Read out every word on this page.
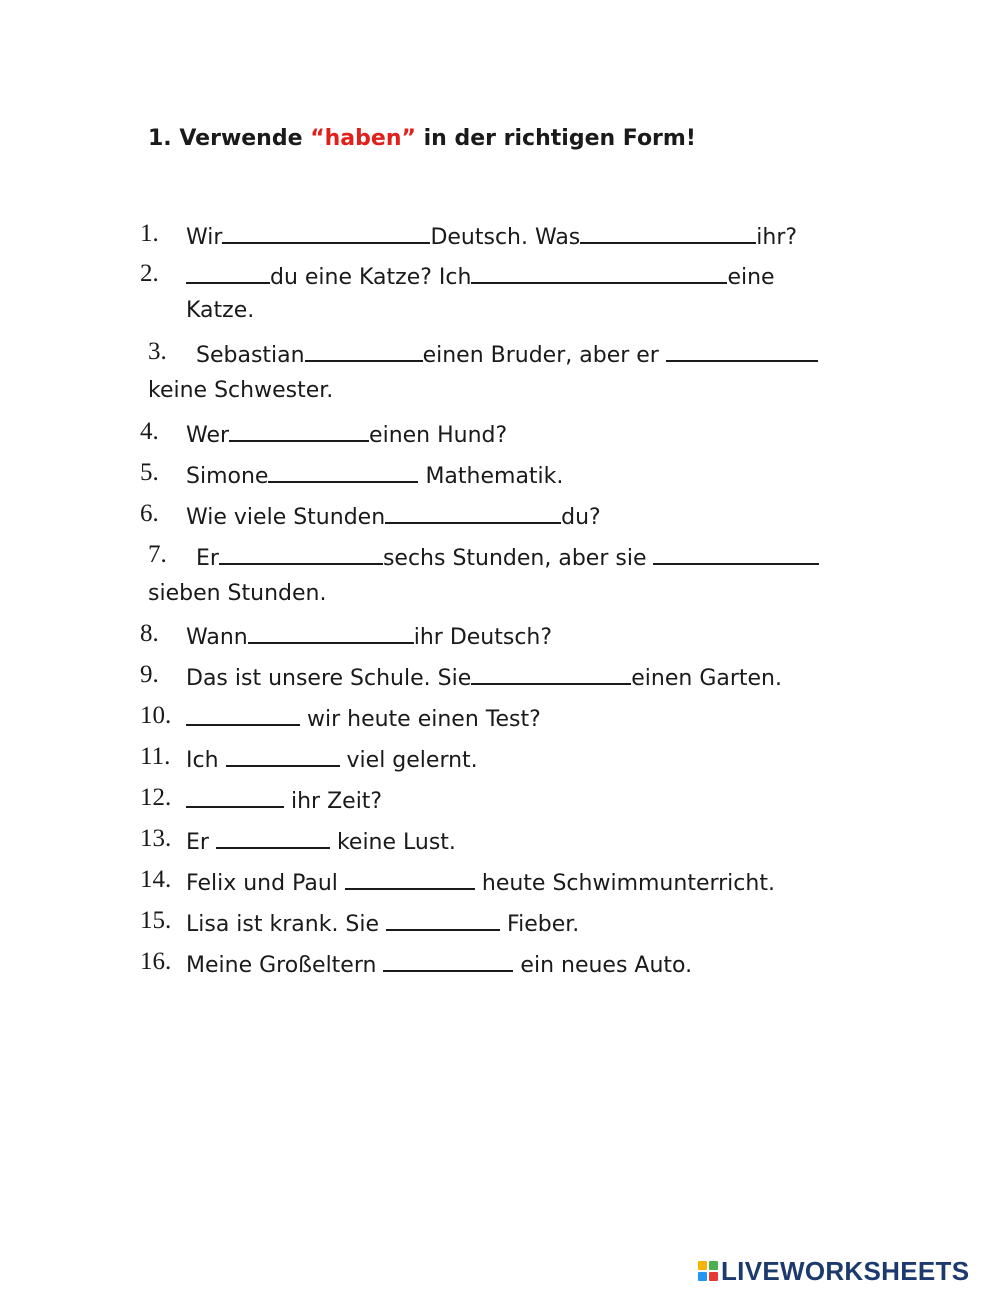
1. Verwende “haben” in der richtigen Form!
1. Wir	Deutsch. Was	ihr?
2.	du eine Katze? Ich	eine
Katze.
3. Sebastian	einen Bruder, aber er
keine Schwester.
4. Wer	einen Hund?
5. Simone	Mathematik.
6. Wie viele Stunden	du?
7. Er	sechs Stunden, aber sie
sieben Stunden.
8. Wann	ihr Deutsch?
9. Das ist unsere Schule. Sie	einen Garten.
10.	wir heute einen Test?
11. Ich	viel gelernt.
12.	ihr Zeit?
13. Er	keine Lust.
14. Felix und Paul	heute Schwimmunterricht.
15. Lisa ist krank. Sie	Fieber.
16. Meine Großeltern	ein neues Auto.
LIVEWORKSHEETS
